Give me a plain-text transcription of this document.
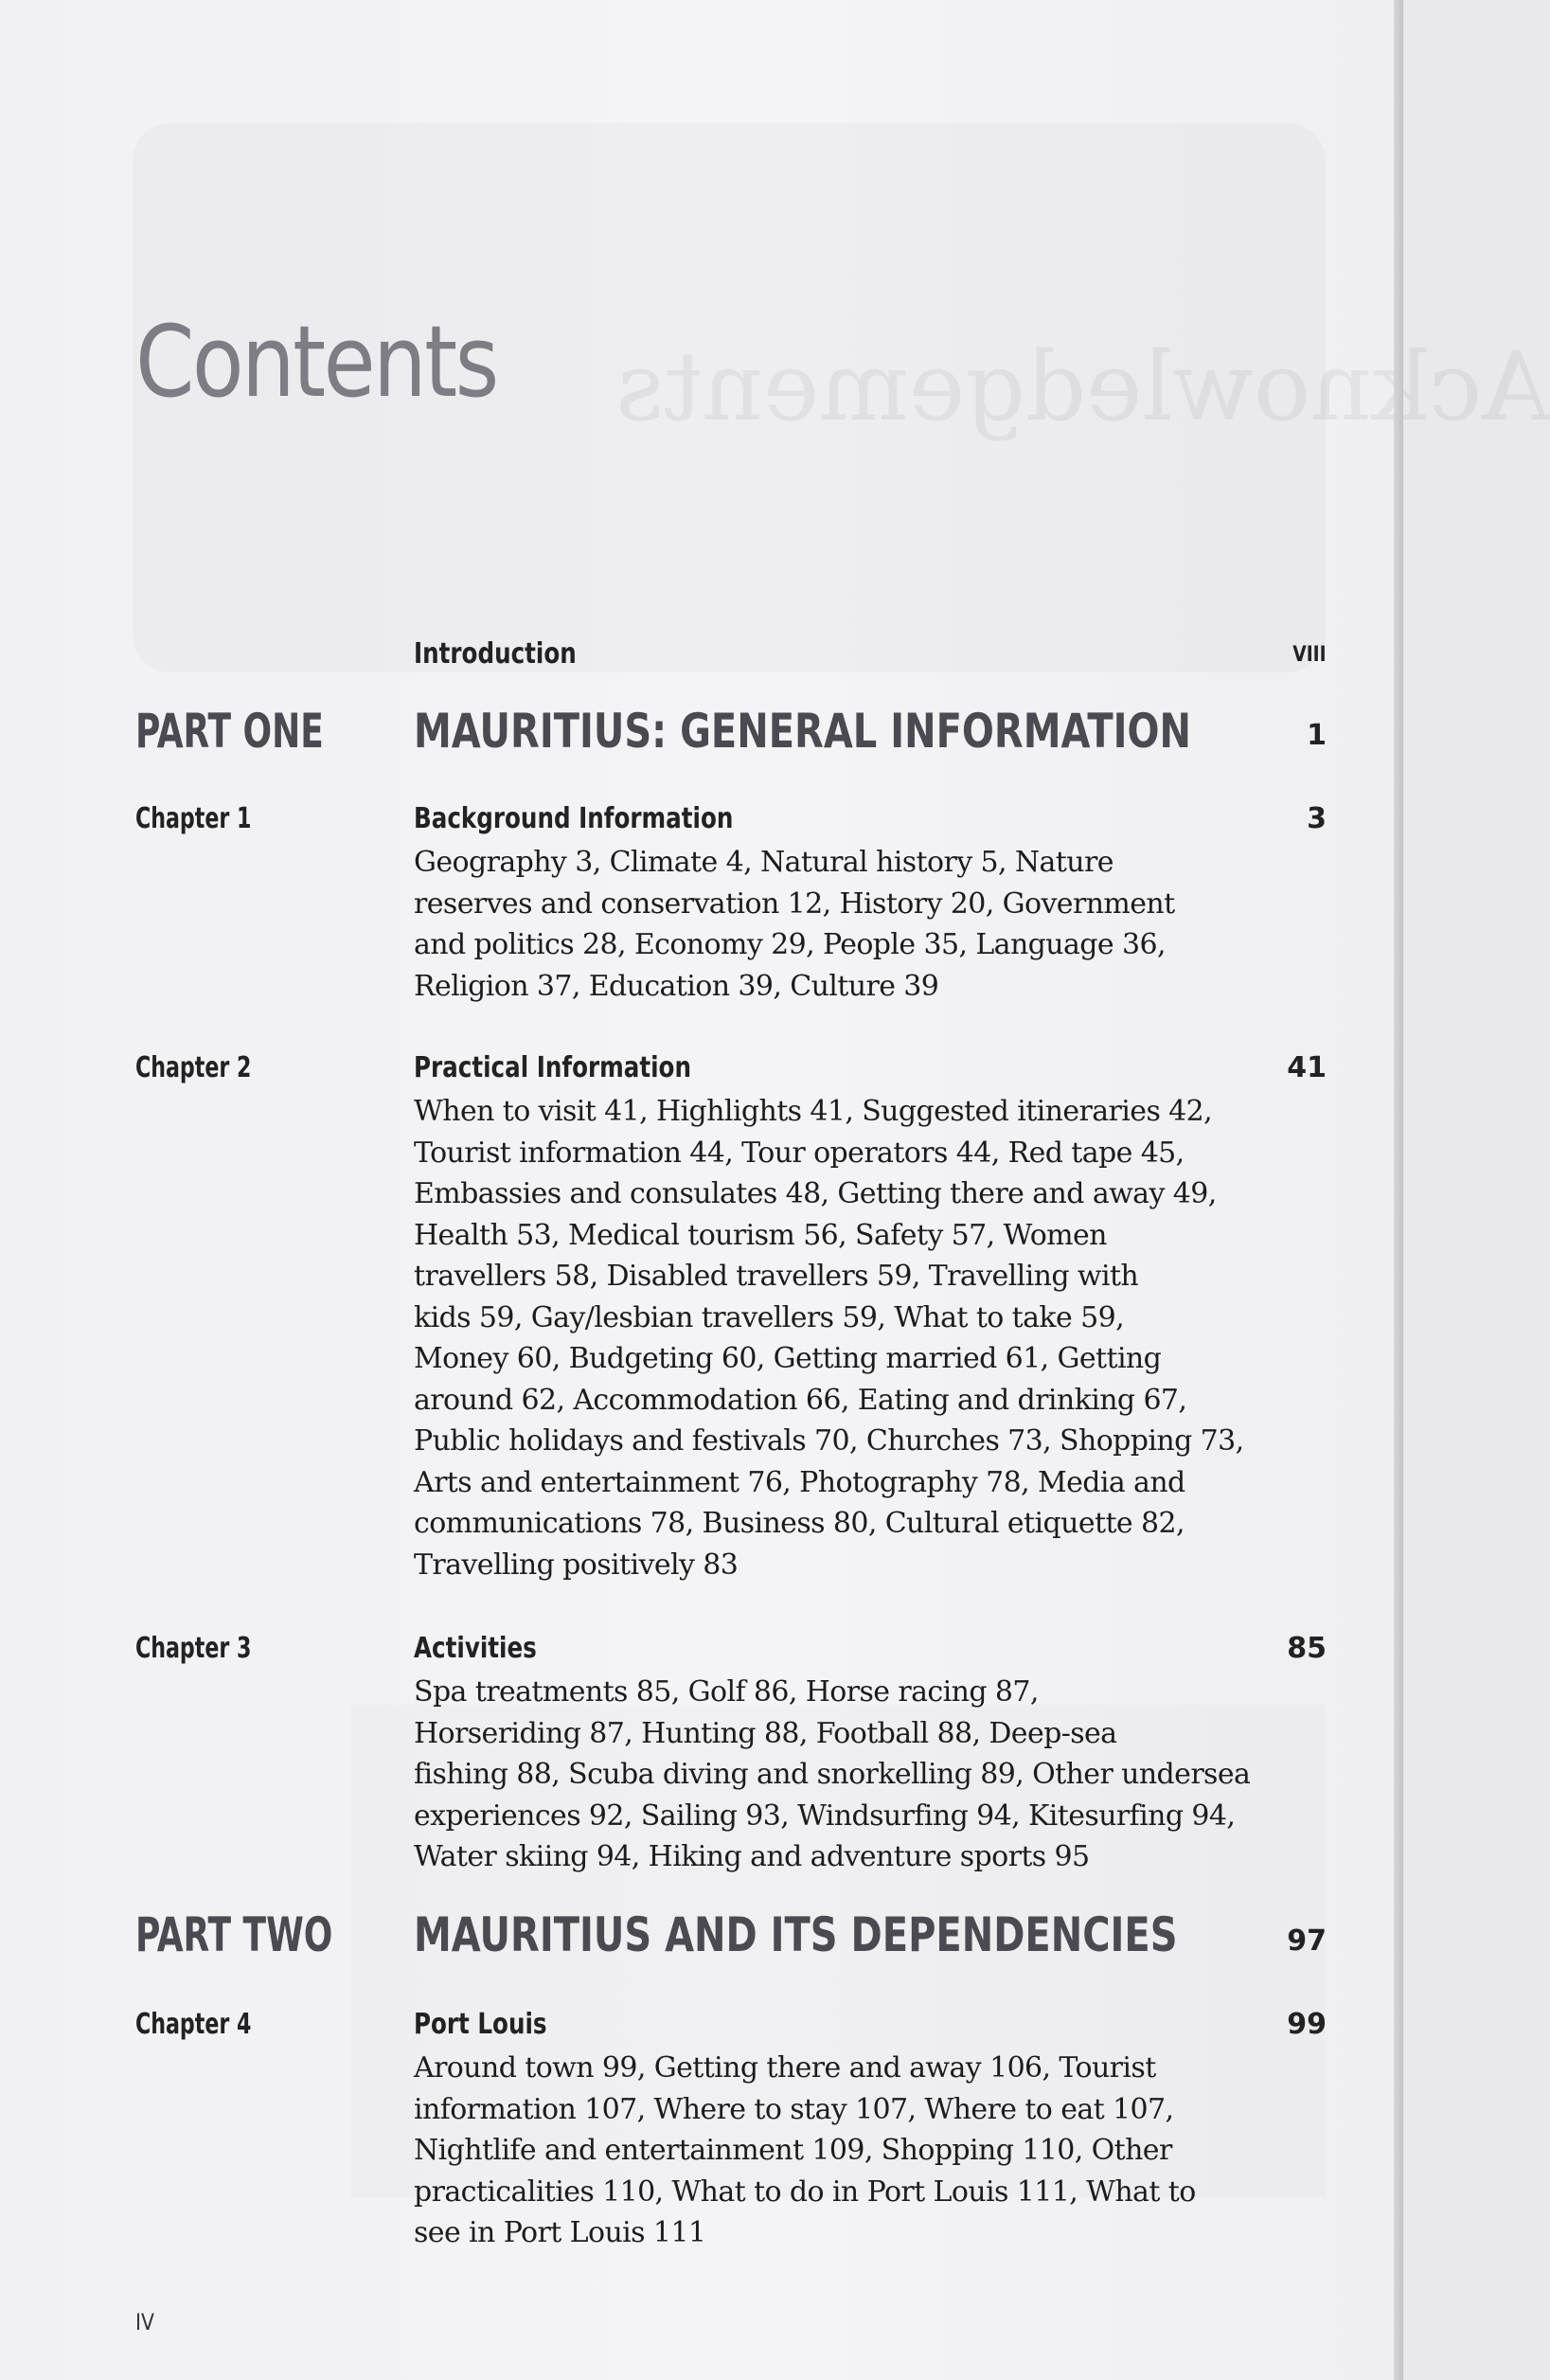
Acknowledgements
Contents
Introduction	VIII
PART ONE MAURITIUS: GENERAL INFORMATION	1
Chapter 1	Background Information	3
Geography 3, Climate 4, Natural history 5, Nature
reserves and conservation 12, History 20, Government
and politics 28, Economy 29, People 35, Language 36,
Religion 37, Education 39, Culture 39
Chapter 2	Practical Information	41
When to visit 41, Highlights 41, Suggested itineraries 42,
Tourist information 44, Tour operators 44, Red tape 45,
Embassies and consulates 48, Getting there and away 49,
Health 53, Medical tourism 56, Safety 57, Women
travellers 58, Disabled travellers 59, Travelling with
kids 59, Gay/lesbian travellers 59, What to take 59,
Money 60, Budgeting 60, Getting married 61, Getting
around 62, Accommodation 66, Eating and drinking 67,
Public holidays and festivals 70, Churches 73, Shopping 73,
Arts and entertainment 76, Photography 78, Media and
communications 78, Business 80, Cultural etiquette 82,
Travelling positively 83
Chapter 3	Activities	85
Spa treatments 85, Golf 86, Horse racing 87,
Horseriding 87, Hunting 88, Football 88, Deep-sea
fishing 88, Scuba diving and snorkelling 89, Other undersea
experiences 92, Sailing 93, Windsurfing 94, Kitesurfing 94,
Water skiing 94, Hiking and adventure sports 95
PART TWO MAURITIUS AND ITS DEPENDENCIES	97
Chapter 4	Port Louis	99
Around town 99, Getting there and away 106, Tourist
information 107, Where to stay 107, Where to eat 107,
Nightlife and entertainment 109, Shopping 110, Other
practicalities 110, What to do in Port Louis 111, What to
see in Port Louis 111
IV
